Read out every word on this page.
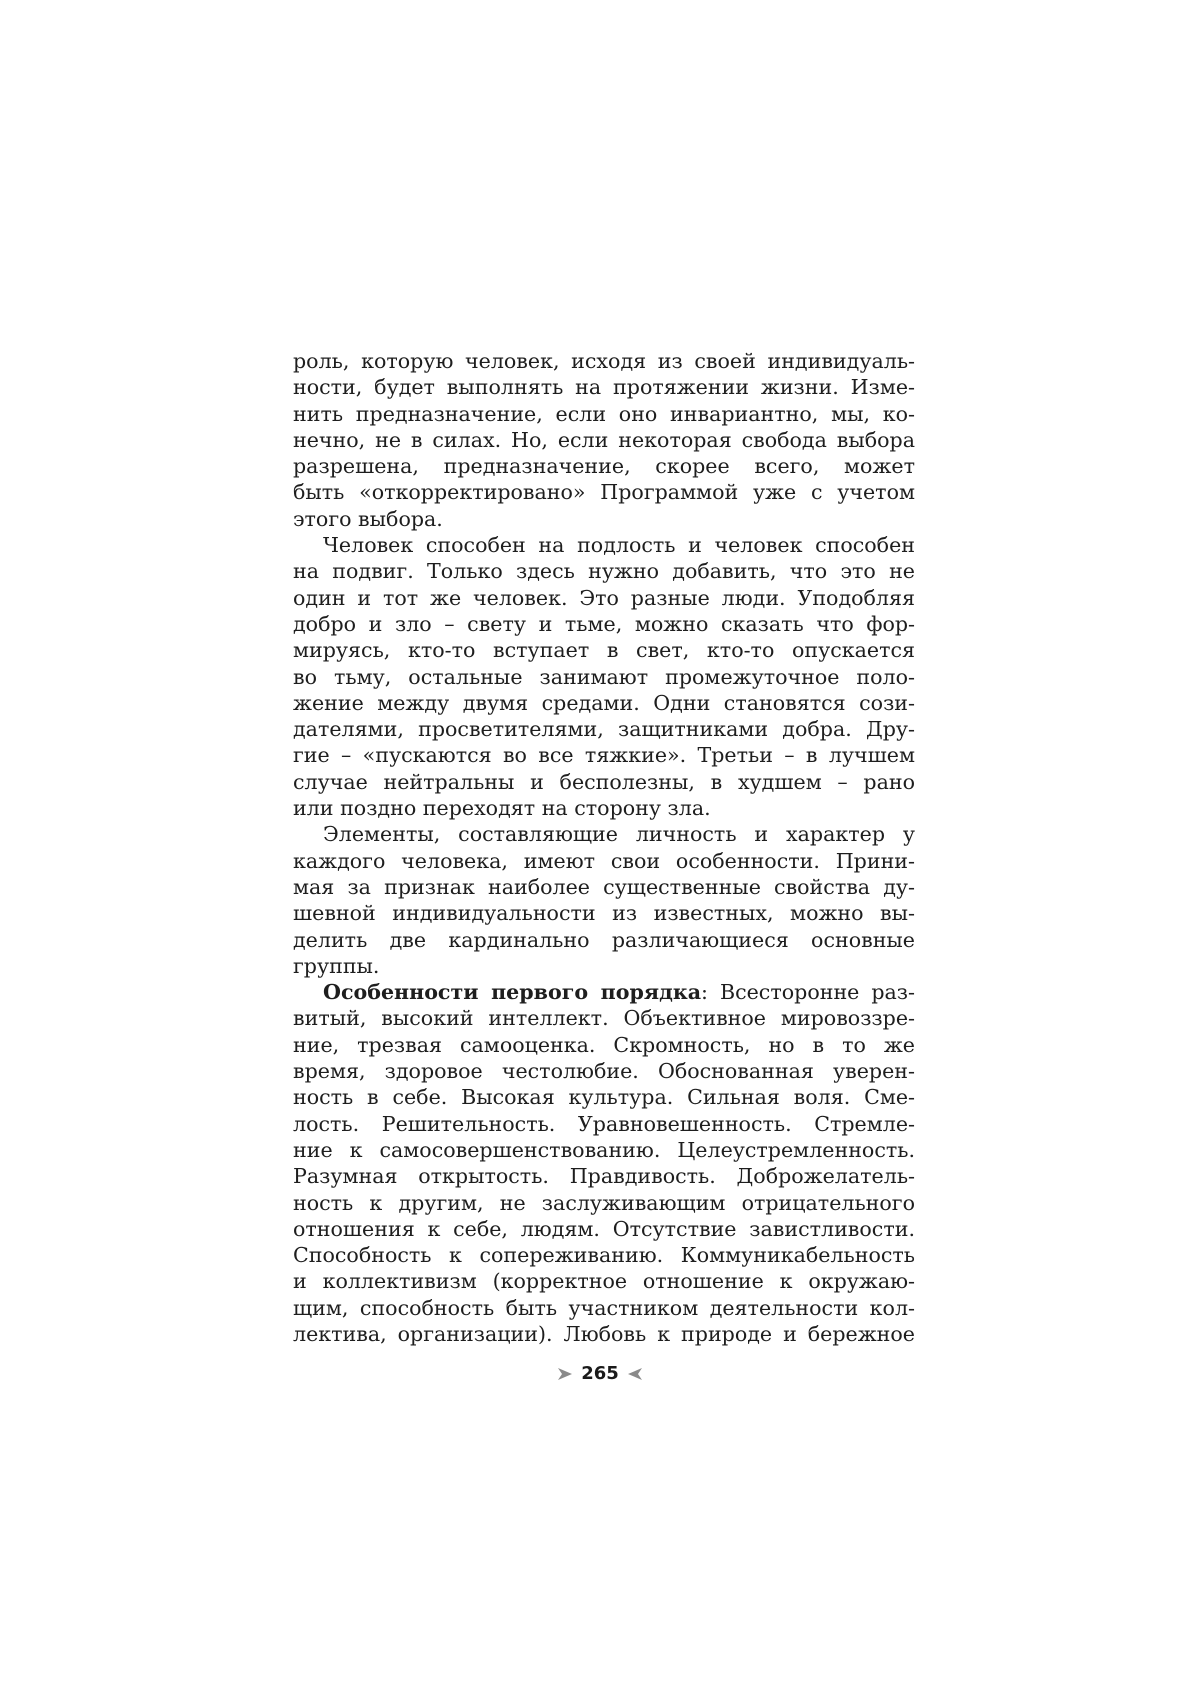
роль, которую человек, исходя из своей индивидуаль-
ности, будет выполнять на протяжении жизни. Изме-
нить предназначение, если оно инвариантно, мы, ко-
нечно, не в силах. Но, если некоторая свобода выбора
разрешена, предназначение, скорее всего, может
быть «откорректировано» Программой уже с учетом
этого выбора.
Человек способен на подлость и человек способен
на подвиг. Только здесь нужно добавить, что это не
один и тот же человек. Это разные люди. Уподобляя
добро и зло – свету и тьме, можно сказать что фор-
мируясь, кто-то вступает в свет, кто-то опускается
во тьму, остальные занимают промежуточное поло-
жение между двумя средами. Одни становятся сози-
дателями, просветителями, защитниками добра. Дру-
гие – «пускаются во все тяжкие». Третьи – в лучшем
случае нейтральны и бесполезны, в худшем – рано
или поздно переходят на сторону зла.
Элементы, составляющие личность и характер у
каждого человека, имеют свои особенности. Прини-
мая за признак наиболее существенные свойства ду-
шевной индивидуальности из известных, можно вы-
делить две кардинально различающиеся основные
группы.
Особенности первого порядка: Всесторонне раз-
витый, высокий интеллект. Объективное мировоззре-
ние, трезвая самооценка. Скромность, но в то же
время, здоровое честолюбие. Обоснованная уверен-
ность в себе. Высокая культура. Сильная воля. Сме-
лость. Решительность. Уравновешенность. Стремле-
ние к самосовершенствованию. Целеустремленность.
Разумная открытость. Правдивость. Доброжелатель-
ность к другим, не заслуживающим отрицательного
отношения к себе, людям. Отсутствие завистливости.
Способность к сопереживанию. Коммуникабельность
и коллективизм (корректное отношение к окружаю-
щим, способность быть участником деятельности кол-
лектива, организации). Любовь к природе и бережное
265
